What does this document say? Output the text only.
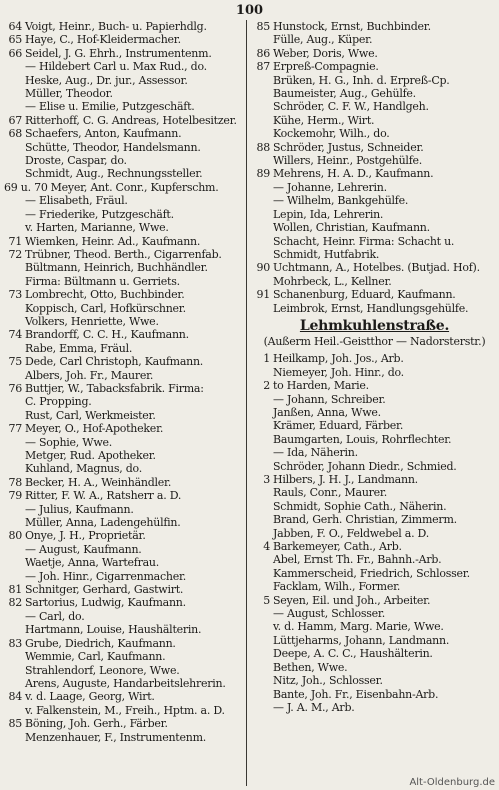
100
64 Voigt, Heinr., Buch- u. Papierhdlg.
65 Haye, C., Hof-Kleidermacher.
66 Seidel, J. G. Ehrh., Instrumentenm.
— Hildebert Carl u. Max Rud., do.
Heske, Aug., Dr. jur., Assessor.
Müller, Theodor.
— Elise u. Emilie, Putzgeschäft.
67 Ritterhoff, C. G. Andreas, Hotelbesitzer.
68 Schaefers, Anton, Kaufmann.
Schütte, Theodor, Handelsmann.
Droste, Caspar, do.
Schmidt, Aug., Rechnungssteller.
69 u. 70 Meyer, Ant. Conr., Kupferschm.
— Elisabeth, Fräul.
— Friederike, Putzgeschäft.
v. Harten, Marianne, Wwe.
71 Wiemken, Heinr. Ad., Kaufmann.
72 Trübner, Theod. Berth., Cigarrenfab.
Bültmann, Heinrich, Buchhändler.
Firma: Bültmann u. Gerriets.
73 Lombrecht, Otto, Buchbinder.
Koppisch, Carl, Hofkürschner.
Volkers, Henriette, Wwe.
74 Brandorff, C. C. H., Kaufmann.
Rabe, Emma, Fräul.
75 Dede, Carl Christoph, Kaufmann.
Albers, Joh. Fr., Maurer.
76 Buttjer, W., Tabacksfabrik. Firma:
C. Propping.
Rust, Carl, Werkmeister.
77 Meyer, O., Hof-Apotheker.
— Sophie, Wwe.
Metger, Rud. Apotheker.
Kuhland, Magnus, do.
78 Becker, H. A., Weinhändler.
79 Ritter, F. W. A., Ratsherr a. D.
— Julius, Kaufmann.
Müller, Anna, Ladengehülfin.
80 Onye, J. H., Proprietär.
— August, Kaufmann.
Waetje, Anna, Wartefrau.
— Joh. Hinr., Cigarrenmacher.
81 Schnitger, Gerhard, Gastwirt.
82 Sartorius, Ludwig, Kaufmann.
— Carl, do.
Hartmann, Louise, Haushälterin.
83 Grube, Diedrich, Kaufmann.
Wemmie, Carl, Kaufmann.
Strahlendorf, Leonore, Wwe.
Arens, Auguste, Handarbeitslehrerin.
84 v. d. Laage, Georg, Wirt.
v. Falkenstein, M., Freih., Hptm. a. D.
85 Böning, Joh. Gerh., Färber.
Menzenhauer, F., Instrumentenm.
85 Hunstock, Ernst, Buchbinder.
Fülle, Aug., Küper.
86 Weber, Doris, Wwe.
87 Erpreß-Compagnie.
Brüken, H. G., Inh. d. Erpreß-Cp.
Baumeister, Aug., Gehülfe.
Schröder, C. F. W., Handlgeh.
Kühe, Herm., Wirt.
Kockemohr, Wilh., do.
88 Schröder, Justus, Schneider.
Willers, Heinr., Postgehülfe.
89 Mehrens, H. A. D., Kaufmann.
— Johanne, Lehrerin.
— Wilhelm, Bankgehülfe.
Lepin, Ida, Lehrerin.
Wollen, Christian, Kaufmann.
Schacht, Heinr. Firma: Schacht u.
Schmidt, Hutfabrik.
90 Uchtmann, A., Hotelbes. (Butjad. Hof).
Mohrbeck, L., Kellner.
91 Schanenburg, Eduard, Kaufmann.
Leimbrok, Ernst, Handlungsgehülfe.
Lehmkuhlenstraße.
(Außerm Heil.-Geistthor — Nadorsterstr.)
1 Heilkamp, Joh. Jos., Arb.
Niemeyer, Joh. Hinr., do.
2 to Harden, Marie.
— Johann, Schreiber.
Janßen, Anna, Wwe.
Krämer, Eduard, Färber.
Baumgarten, Louis, Rohrflechter.
— Ida, Näherin.
Schröder, Johann Diedr., Schmied.
3 Hilbers, J. H. J., Landmann.
Rauls, Conr., Maurer.
Schmidt, Sophie Cath., Näherin.
Brand, Gerh. Christian, Zimmerm.
Jabben, F. O., Feldwebel a. D.
4 Barkemeyer, Cath., Arb.
Abel, Ernst Th. Fr., Bahnh.-Arb.
Kammerscheid, Friedrich, Schlosser.
Facklam, Wilh., Former.
5 Seyen, Eil. und Joh., Arbeiter.
— August, Schlosser.
v. d. Hamm, Marg. Marie, Wwe.
Lüttjeharms, Johann, Landmann.
Deepe, A. C. C., Haushälterin.
Bethen, Wwe.
Nitz, Joh., Schlosser.
Bante, Joh. Fr., Eisenbahn-Arb.
— J. A. M., Arb.
Alt-Oldenburg.de
